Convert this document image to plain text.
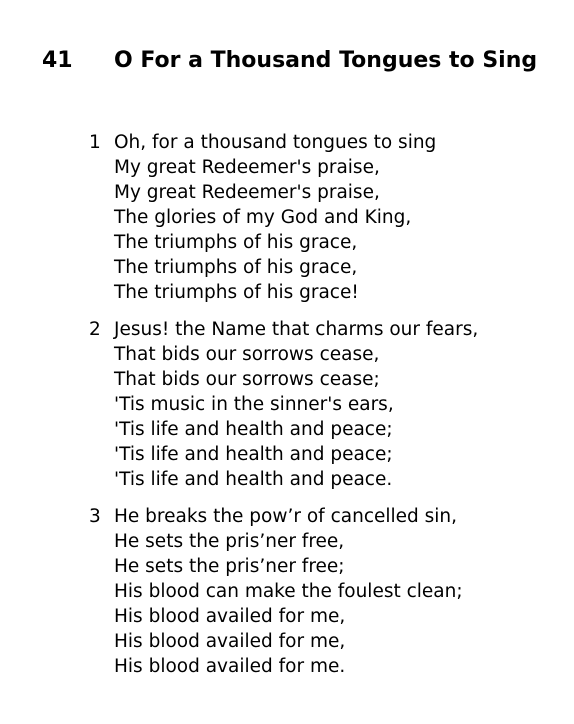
41 O For a Thousand Tongues to Sing
1 Oh, for a thousand tongues to sing
My great Redeemer's praise,
My great Redeemer's praise,
The glories of my God and King,
The triumphs of his grace,
The triumphs of his grace,
The triumphs of his grace!
2 Jesus! the Name that charms our fears,
That bids our sorrows cease,
That bids our sorrows cease;
'Tis music in the sinner's ears,
'Tis life and health and peace;
'Tis life and health and peace;
'Tis life and health and peace.
3 He breaks the pow’r of cancelled sin,
He sets the pris’ner free,
He sets the pris’ner free;
His blood can make the foulest clean;
His blood availed for me,
His blood availed for me,
His blood availed for me.
